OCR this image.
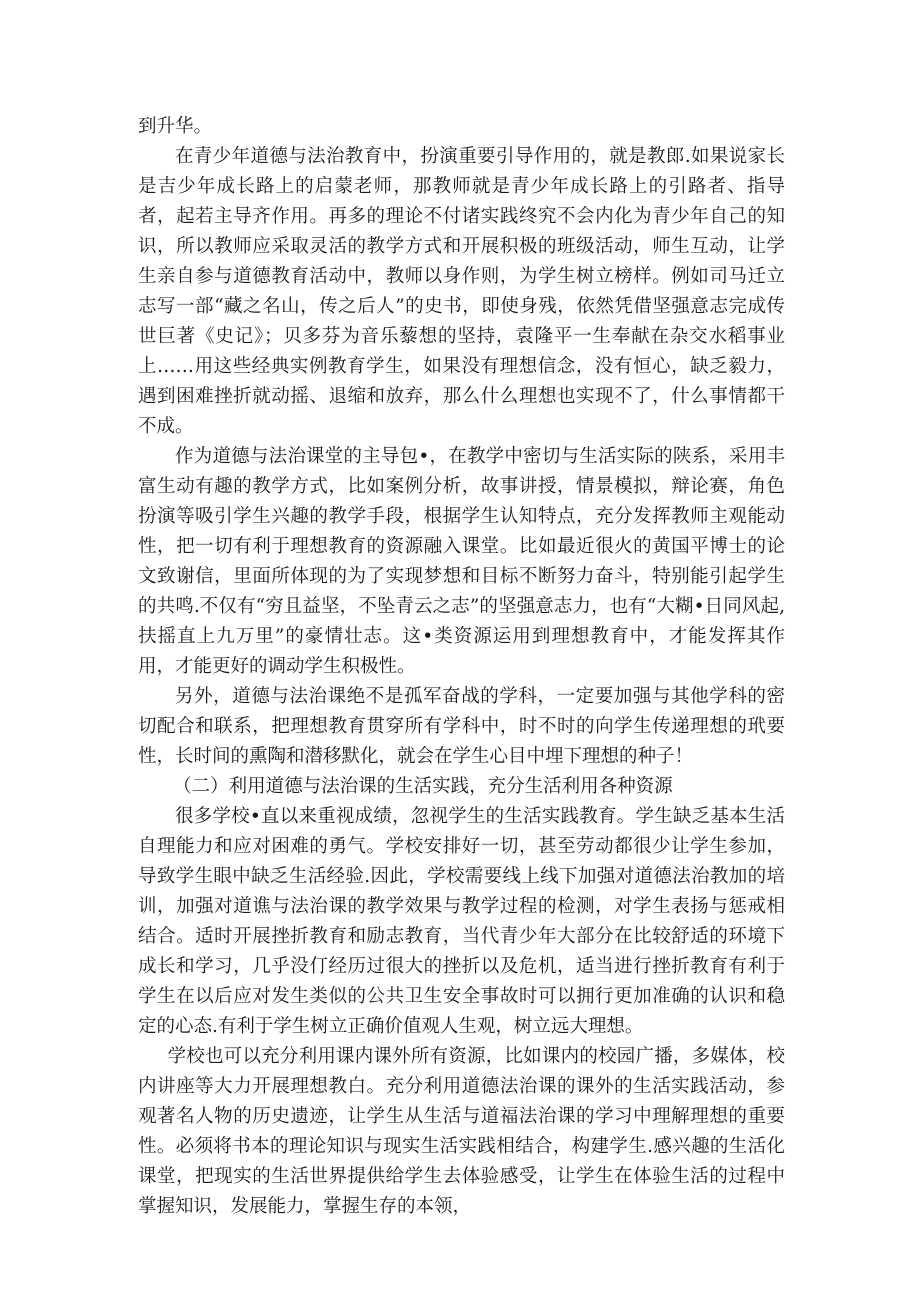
到升华。

在青少年道德与法治教育中，扮演重要引导作用的，就是教郎.如果说家长是吉少年成长路上的启蒙老师，那教师就是青少年成长路上的引路者、指导者，起若主导齐作用。再多的理论不付诸实践终究不会内化为青少年自己的知识，所以教师应采取灵活的教学方式和开展积极的班级活动，师生互动，让学生亲自参与道德教育活动中，教师以身作则，为学生树立榜样。例如司马迁立志写一部“藏之名山，传之后人”的史书，即使身残，依然凭借坚强意志完成传世巨著《史记》；贝多芬为音乐藜想的坚持，袁隆平一生奉献在杂交水稻事业上……用这些经典实例教育学生，如果没有理想信念，没有恒心，缺乏毅力，遇到困难挫折就动摇、退缩和放弃，那么什么理想也实现不了，什么事情都干不成。

作为道德与法治课堂的主导包•，在教学中密切与生活实际的陕系，采用丰富生动有趣的教学方式，比如案例分析，故事讲授，情景模拟，辩论赛，角色扮演等吸引学生兴趣的教学手段，根据学生认知特点，充分发挥教师主观能动性，把一切有利于理想教育的资源融入课堂。比如最近很火的黄国平博士的论文致谢信，里面所体现的为了实现梦想和目标不断努力奋斗，特别能引起学生的共鸣.不仅有“穷且益坚，不坠青云之志”的坚强意志力，也有“大糊•日同风起,扶摇直上九万里”的豪情壮志。这•类资源运用到理想教育中，才能发挥其作用，才能更好的调动学生积极性。

另外，道德与法治课绝不是孤军奋战的学科，一定要加强与其他学科的密切配合和联系，把理想教育贯穿所有学科中，时不时的向学生传递理想的玳要性，长时间的熏陶和潜移默化，就会在学生心目中埋下理想的种子！

（二）利用道德与法治课的生活实践，充分生活利用各种资源

很多学校•直以来重视成绩，忽视学生的生活实践教育。学生缺乏基本生活自理能力和应对困难的勇气。学校安排好一切，甚至劳动都很少让学生参加，导致学生眼中缺乏生活经验.因此，学校需要线上线下加强对道德法治教加的培训，加强对道谯与法治课的教学效果与教学过程的检测，对学生表扬与惩戒相结合。适时开展挫折教育和励志教育，当代青少年大部分在比较舒适的环境下成长和学习，几乎没仃经历过很大的挫折以及危机，适当进行挫折教育有利于学生在以后应对发生类似的公共卫生安全事故时可以拥行更加准确的认识和稳定的心态.有利于学生树立正确价值观人生观，树立远大理想。

学校也可以充分利用课内课外所有资源，比如课内的校园广播，多媒体，校内讲座等大力开展理想教白。充分利用道德法治课的课外的生活实践活动，参观著名人物的历史遗迹，让学生从生活与道福法治课的学习中理解理想的重要性。必须将书本的理论知识与现实生活实践相结合，构建学生.感兴趣的生活化课堂，把现实的生活世界提供给学生去体验感受，让学生在体验生活的过程中掌握知识，发展能力，掌握生存的本领，
